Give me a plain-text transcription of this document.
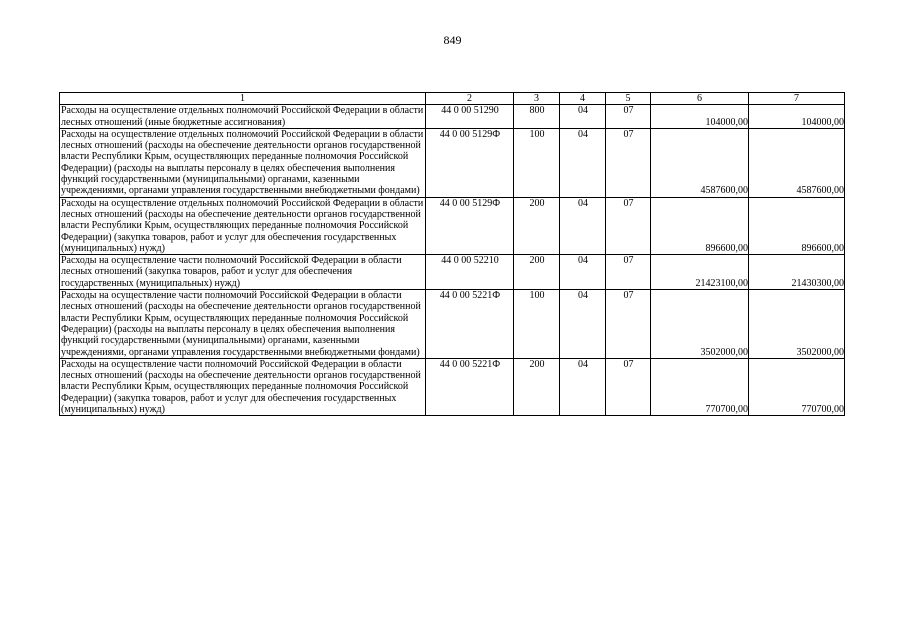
849
1	2	3	4	5	6	7
Расходы на осуществление отдельных полномочий Российской Федерации в области лесных отношений (иные бюджетные ассигнования)	44 0 00 51290	800	04	07	104000,00	104000,00
Расходы на осуществление отдельных полномочий Российской Федерации в области лесных отношений (расходы на обеспечение деятельности органов государственной власти Республики Крым, осуществляющих переданные полномочия Российской Федерации) (расходы на выплаты персоналу в целях обеспечения выполнения функций государственными (муниципальными) органами, казенными учреждениями, органами управления государственными внебюджетными фондами)	44 0 00 5129Ф	100	04	07	4587600,00	4587600,00
Расходы на осуществление отдельных полномочий Российской Федерации в области лесных отношений (расходы на обеспечение деятельности органов государственной власти Республики Крым, осуществляющих переданные полномочия Российской Федерации) (закупка товаров, работ и услуг для обеспечения государственных (муниципальных) нужд)	44 0 00 5129Ф	200	04	07	896600,00	896600,00
Расходы на осуществление части полномочий Российской Федерации в области лесных отношений (закупка товаров, работ и услуг для обеспечения государственных (муниципальных) нужд)	44 0 00 52210	200	04	07	21423100,00	21430300,00
Расходы на осуществление части полномочий Российской Федерации в области лесных отношений (расходы на обеспечение деятельности органов государственной власти Республики Крым, осуществляющих переданные полномочия Российской Федерации) (расходы на выплаты персоналу в целях обеспечения выполнения функций государственными (муниципальными) органами, казенными учреждениями, органами управления государственными внебюджетными фондами)	44 0 00 5221Ф	100	04	07	3502000,00	3502000,00
Расходы на осуществление части полномочий Российской Федерации в области лесных отношений (расходы на обеспечение деятельности органов государственной власти Республики Крым, осуществляющих переданные полномочия Российской Федерации) (закупка товаров, работ и услуг для обеспечения государственных (муниципальных) нужд)	44 0 00 5221Ф	200	04	07	770700,00	770700,00
